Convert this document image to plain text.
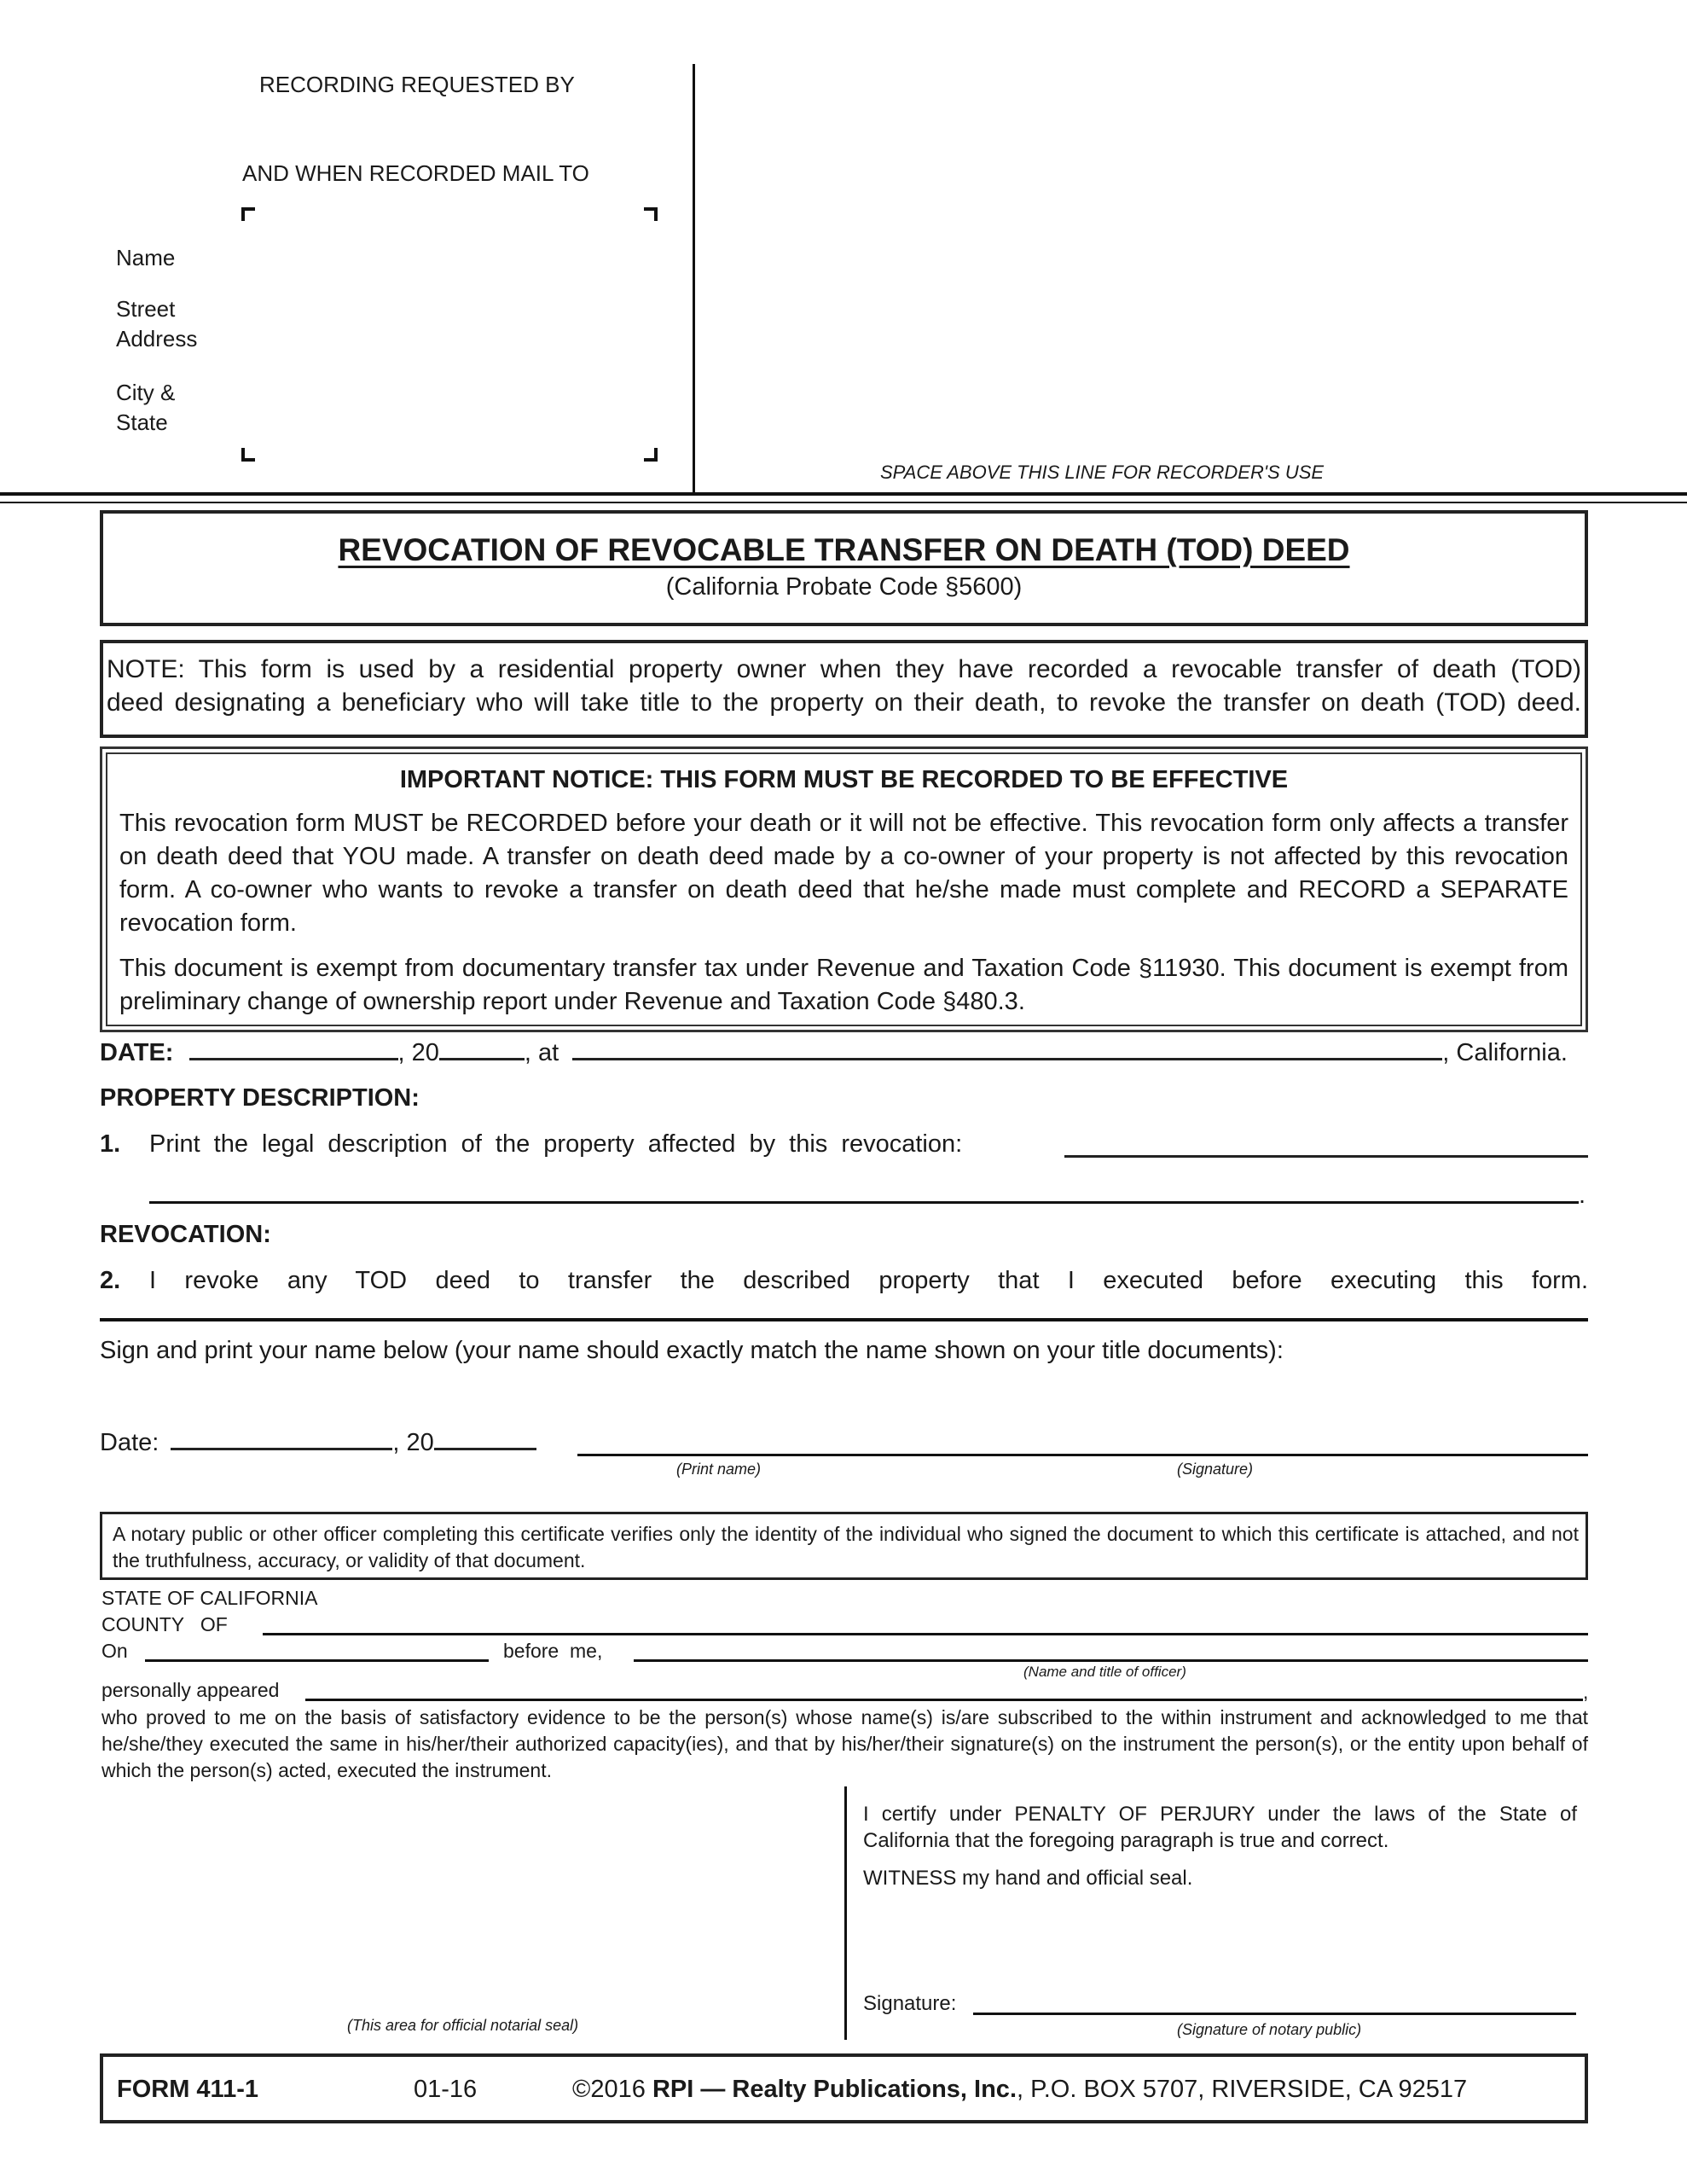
RECORDING REQUESTED BY
AND WHEN RECORDED MAIL TO
Name
Street
Address
City &
State
SPACE ABOVE THIS LINE FOR RECORDER'S USE
REVOCATION OF REVOCABLE TRANSFER ON DEATH (TOD) DEED
(California Probate Code §5600)
NOTE: This form is used by a residential property owner when they have recorded a revocable transfer of death (TOD)
deed designating a beneficiary who will take title to the property on their death, to revoke the transfer on death (TOD) deed.
IMPORTANT NOTICE: THIS FORM MUST BE RECORDED TO BE EFFECTIVE
This revocation form MUST be RECORDED before your death or it will not be effective. This revocation form only affects a transfer on death deed that YOU made. A transfer on death deed made by a co-owner of your property is not affected by this revocation form. A co-owner who wants to revoke a transfer on death deed that he/she made must complete and RECORD a SEPARATE revocation form.
This document is exempt from documentary transfer tax under Revenue and Taxation Code §11930. This document is exempt from preliminary change of ownership report under Revenue and Taxation Code §480.3.
DATE:	, 20	, at	, California.
PROPERTY DESCRIPTION:
1. Print the legal description of the property affected by this revocation:
.
REVOCATION:
2. I revoke any TOD deed to transfer the described property that I executed before executing this form.
Sign and print your name below (your name should exactly match the name shown on your title documents):
Date:	, 20
(Print name)	(Signature)
A notary public or other officer completing this certificate verifies only the identity of the individual who signed the document to which this certificate is attached, and not the truthfulness, accuracy, or validity of that document.
STATE OF CALIFORNIA
COUNTY   OF
On	before  me,
(Name and title of officer)
personally appeared	,
who proved to me on the basis of satisfactory evidence to be the person(s) whose name(s) is/are subscribed to the within instrument and acknowledged to me that he/she/they executed the same in his/her/their authorized capacity(ies), and that by his/her/their signature(s) on the instrument the person(s), or the entity upon behalf of which the person(s) acted, executed the instrument.
(This area for official notarial seal)
I certify under PENALTY OF PERJURY under the laws of the State of California that the foregoing paragraph is true and correct.
WITNESS my hand and official seal.
Signature:
(Signature of notary public)
FORM 411-1	01-16	©2016 RPI — Realty Publications, Inc., P.O. BOX 5707, RIVERSIDE, CA 92517
